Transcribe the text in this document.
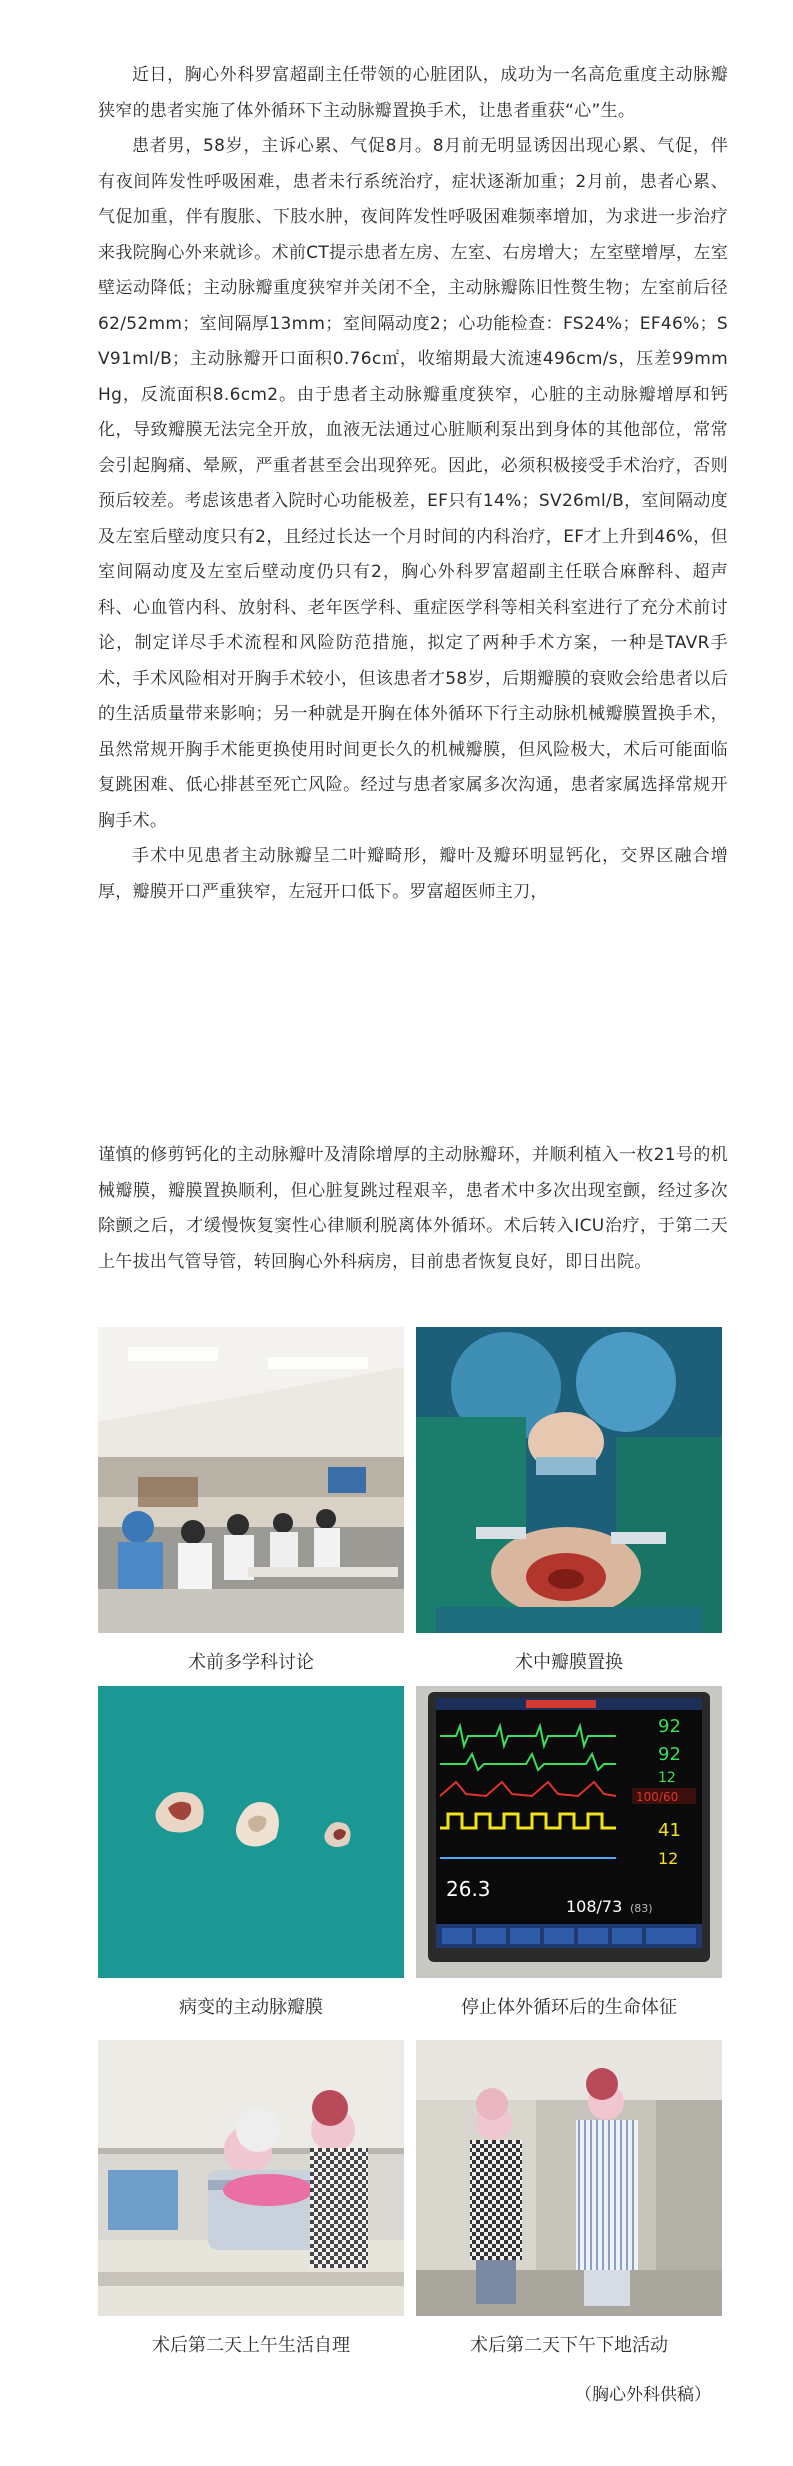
近日，胸心外科罗富超副主任带领的心脏团队，成功为一名高危重度主动脉瓣狭窄的患者实施了体外循环下主动脉瓣置换手术，让患者重获“心”生。

患者男，58岁，主诉心累、气促8月。8月前无明显诱因出现心累、气促，伴有夜间阵发性呼吸困难，患者未行系统治疗，症状逐渐加重；2月前，患者心累、气促加重，伴有腹胀、下肢水肿，夜间阵发性呼吸困难频率增加，为求进一步治疗来我院胸心外来就诊。术前CT提示患者左房、左室、右房增大；左室壁增厚，左室壁运动降低；主动脉瓣重度狭窄并关闭不全，主动脉瓣陈旧性赘生物；左室前后径62/52mm；室间隔厚13mm；室间隔动度2；心功能检查：FS24%；EF46%；SV91ml/B；主动脉瓣开口面积0.76c㎡，收缩期最大流速496cm/s，压差99mmHg，反流面积8.6cm2。由于患者主动脉瓣重度狭窄，心脏的主动脉瓣增厚和钙化，导致瓣膜无法完全开放，血液无法通过心脏顺利泵出到身体的其他部位，常常会引起胸痛、晕厥，严重者甚至会出现猝死。因此，必须积极接受手术治疗，否则预后较差。考虑该患者入院时心功能极差，EF只有14%；SV26ml/B，室间隔动度及左室后壁动度只有2，且经过长达一个月时间的内科治疗，EF才上升到46%，但室间隔动度及左室后壁动度仍只有2，胸心外科罗富超副主任联合麻醉科、超声科、心血管内科、放射科、老年医学科、重症医学科等相关科室进行了充分术前讨论，制定详尽手术流程和风险防范措施，拟定了两种手术方案，一种是TAVR手术，手术风险相对开胸手术较小，但该患者才58岁，后期瓣膜的衰败会给患者以后的生活质量带来影响；另一种就是开胸在体外循环下行主动脉机械瓣膜置换手术，虽然常规开胸手术能更换使用时间更长久的机械瓣膜，但风险极大，术后可能面临复跳困难、低心排甚至死亡风险。经过与患者家属多次沟通，患者家属选择常规开胸手术。

手术中见患者主动脉瓣呈二叶瓣畸形，瓣叶及瓣环明显钙化，交界区融合增厚，瓣膜开口严重狭窄，左冠开口低下。罗富超医师主刀，

谨慎的修剪钙化的主动脉瓣叶及清除增厚的主动脉瓣环，并顺利植入一枚21号的机械瓣膜，瓣膜置换顺利，但心脏复跳过程艰辛，患者术中多次出现室颤，经过多次除颤之后，才缓慢恢复窦性心律顺利脱离体外循环。术后转入ICU治疗，于第二天上午拔出气管导管，转回胸心外科病房，目前患者恢复良好，即日出院。

术前多学科讨论	术中瓣膜置换
病变的主动脉瓣膜
92
92
12
100/60
41
12
26.3
108/73 (83)
停止体外循环后的生命体征
术后第二天上午生活自理	术后第二天下午下地活动
（胸心外科供稿）
